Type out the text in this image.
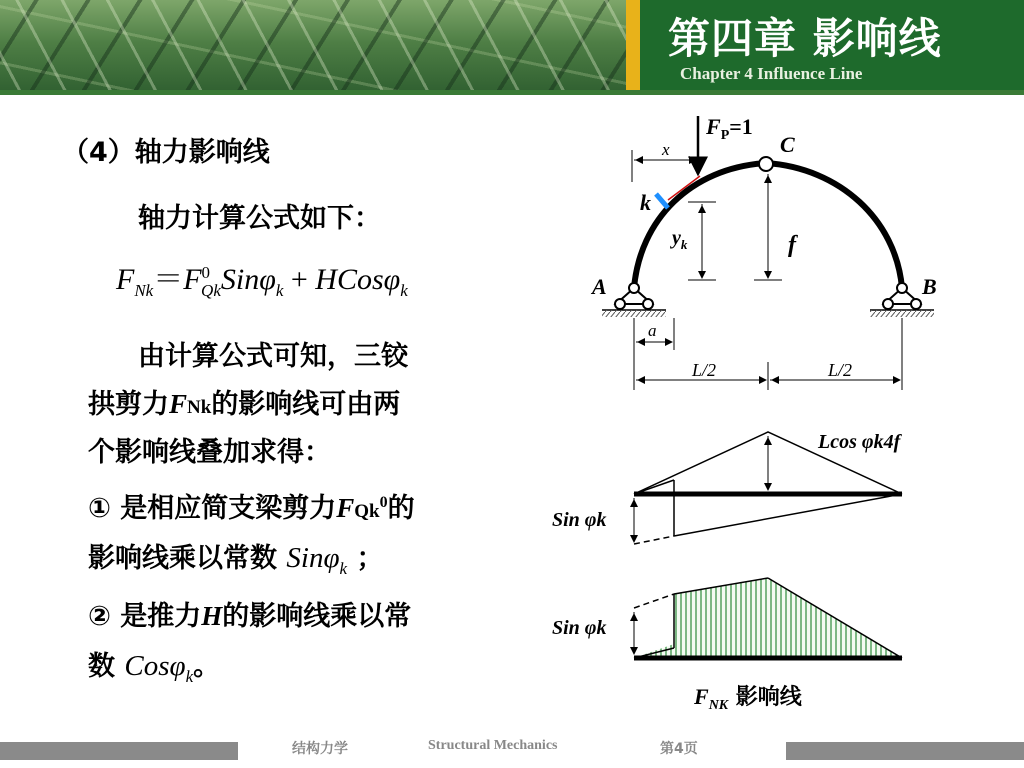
第四章 影响线
Chapter 4 Influence Line
（4）轴力影响线
轴力计算公式如下：
$F_{Nk}=F^0_{Qk}Sin\varphi_k$ + HCosφ$_k$
由计算公式可知，三铰
拱剪力FNk的影响线可由两
个影响线叠加求得：
① 是相应简支梁剪力FQk$^0$的
影响线乘以常数 Sinφ$_k$ ；
② 是推力H的影响线乘以常
数 Cosφ$_k$。
$F_P=1$
x	C
k
$y_k$	f
A	B
a
L/2	L/2
Lcos φk4f
Sin φk
Sin φk
$F_{NK}$ 影响线
结构力学	Structural Mechanics	第4页
